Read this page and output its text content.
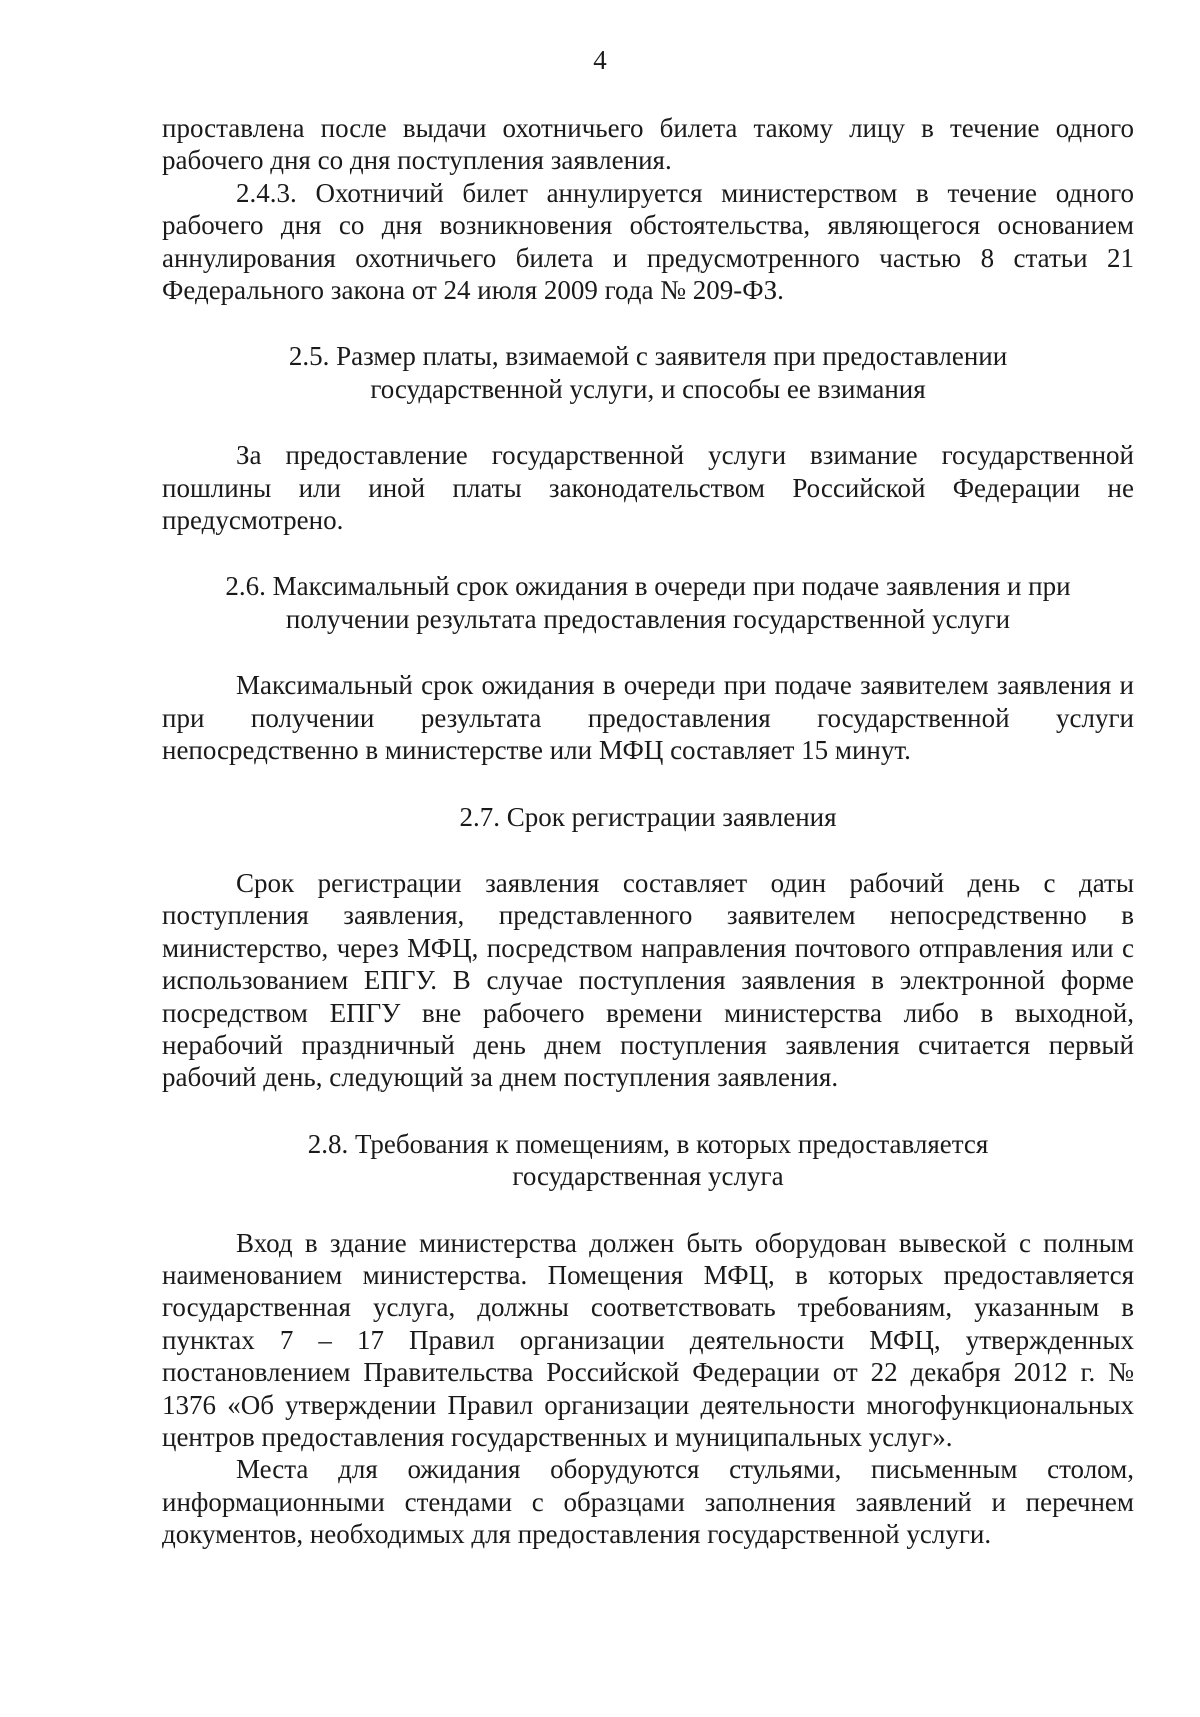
4

проставлена после выдачи охотничьего билета такому лицу в течение одного рабочего дня со дня поступления заявления.

2.4.3. Охотничий билет аннулируется министерством в течение одного рабочего дня со дня возникновения обстоятельства, являющегося основанием аннулирования охотничьего билета и предусмотренного частью 8 статьи 21 Федерального закона от 24 июля 2009 года № 209-ФЗ.

2.5. Размер платы, взимаемой с заявителя при предоставлении
государственной услуги, и способы ее взимания

За предоставление государственной услуги взимание государственной пошлины или иной платы законодательством Российской Федерации не предусмотрено.

2.6. Максимальный срок ожидания в очереди при подаче заявления и при
получении результата предоставления государственной услуги

Максимальный срок ожидания в очереди при подаче заявителем заявления и при получении результата предоставления государственной услуги непосредственно в министерстве или МФЦ составляет 15 минут.

2.7. Срок регистрации заявления

Срок регистрации заявления составляет один рабочий день с даты поступления заявления, представленного заявителем непосредственно в министерство, через МФЦ, посредством направления почтового отправления или с использованием ЕПГУ. В случае поступления заявления в электронной форме посредством ЕПГУ вне рабочего времени министерства либо в выходной, нерабочий праздничный день днем поступления заявления считается первый рабочий день, следующий за днем поступления заявления.

2.8. Требования к помещениям, в которых предоставляется
государственная услуга

Вход в здание министерства должен быть оборудован вывеской с полным наименованием министерства. Помещения МФЦ, в которых предоставляется государственная услуга, должны соответствовать требованиям, указанным в пунктах 7 – 17 Правил организации деятельности МФЦ, утвержденных постановлением Правительства Российской Федерации от 22 декабря 2012 г. № 1376 «Об утверждении Правил организации деятельности многофункциональных центров предоставления государственных и муниципальных услуг».

Места для ожидания оборудуются стульями, письменным столом, информационными стендами с образцами заполнения заявлений и перечнем документов, необходимых для предоставления государственной услуги.
